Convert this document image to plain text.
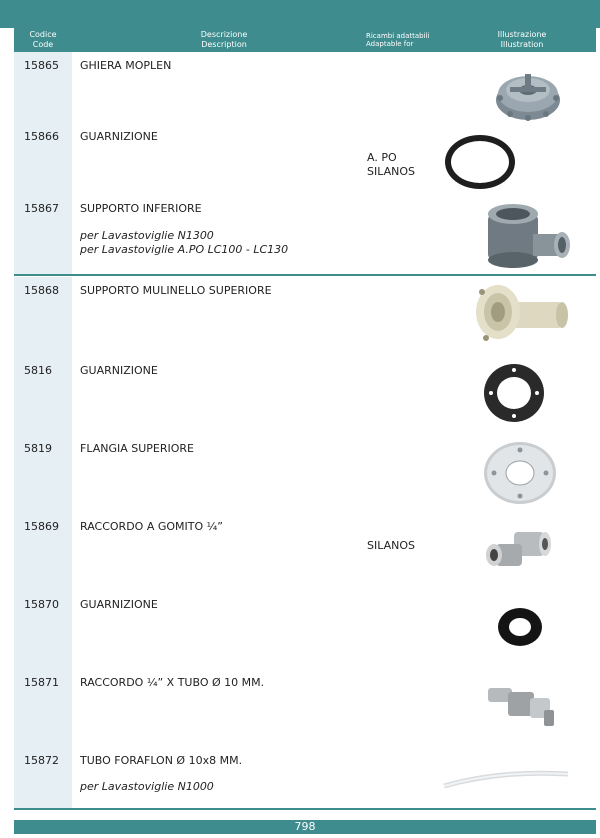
Codice
Code
Descrizione
Description
Ricambi adattabili
Adaptable for
Illustrazione
Illustration
15865 GHIERA MOPLEN
15866 GUARNIZIONE
A. PO
SILANOS
15867 SUPPORTO INFERIORE
per Lavastoviglie N1300
per Lavastoviglie A.PO LC100 - LC130
15868 SUPPORTO MULINELLO SUPERIORE
5816	GUARNIZIONE
5819	FLANGIA SUPERIORE
15869 RACCORDO A GOMITO ¼”
SILANOS
15870 GUARNIZIONE
15871 RACCORDO ¼” X TUBO Ø 10 MM.
15872 TUBO FORAFLON Ø 10x8 MM.
per Lavastoviglie N1000
798
